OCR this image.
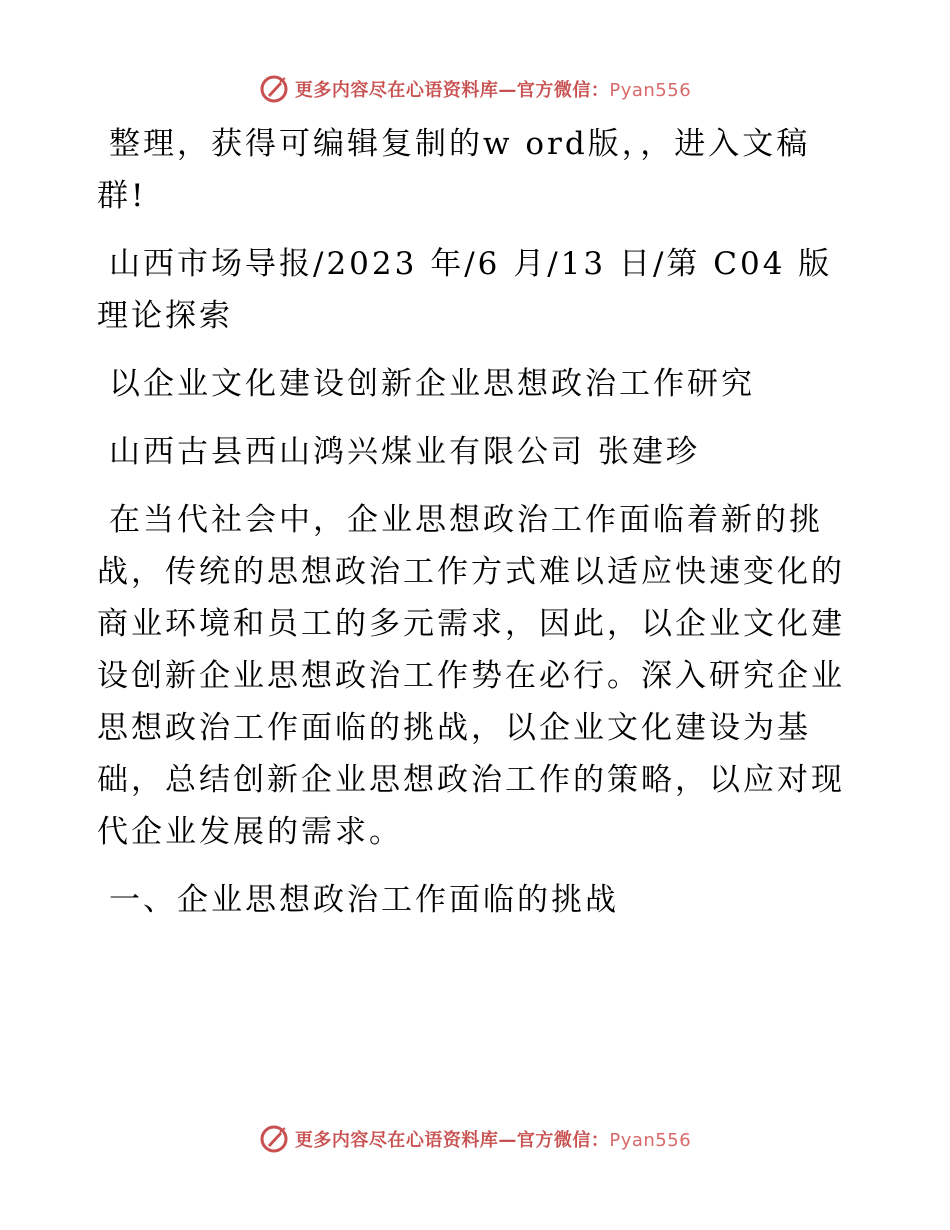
更多内容尽在心语资料库—官方微信：Pyan556

整理，获得可编辑复制的w ord版，，进入文稿群!

山西市场导报/2023 年/6 月/13 日/第 C04 版理论探索

以企业文化建设创新企业思想政治工作研究

山西古县西山鸿兴煤业有限公司 张建珍

在当代社会中，企业思想政治工作面临着新的挑战，传统的思想政治工作方式难以适应快速变化的商业环境和员工的多元需求，因此，以企业文化建设创新企业思想政治工作势在必行。深入研究企业思想政治工作面临的挑战，以企业文化建设为基础，总结创新企业思想政治工作的策略，以应对现代企业发展的需求。

一、企业思想政治工作面临的挑战

更多内容尽在心语资料库—官方微信：Pyan556
